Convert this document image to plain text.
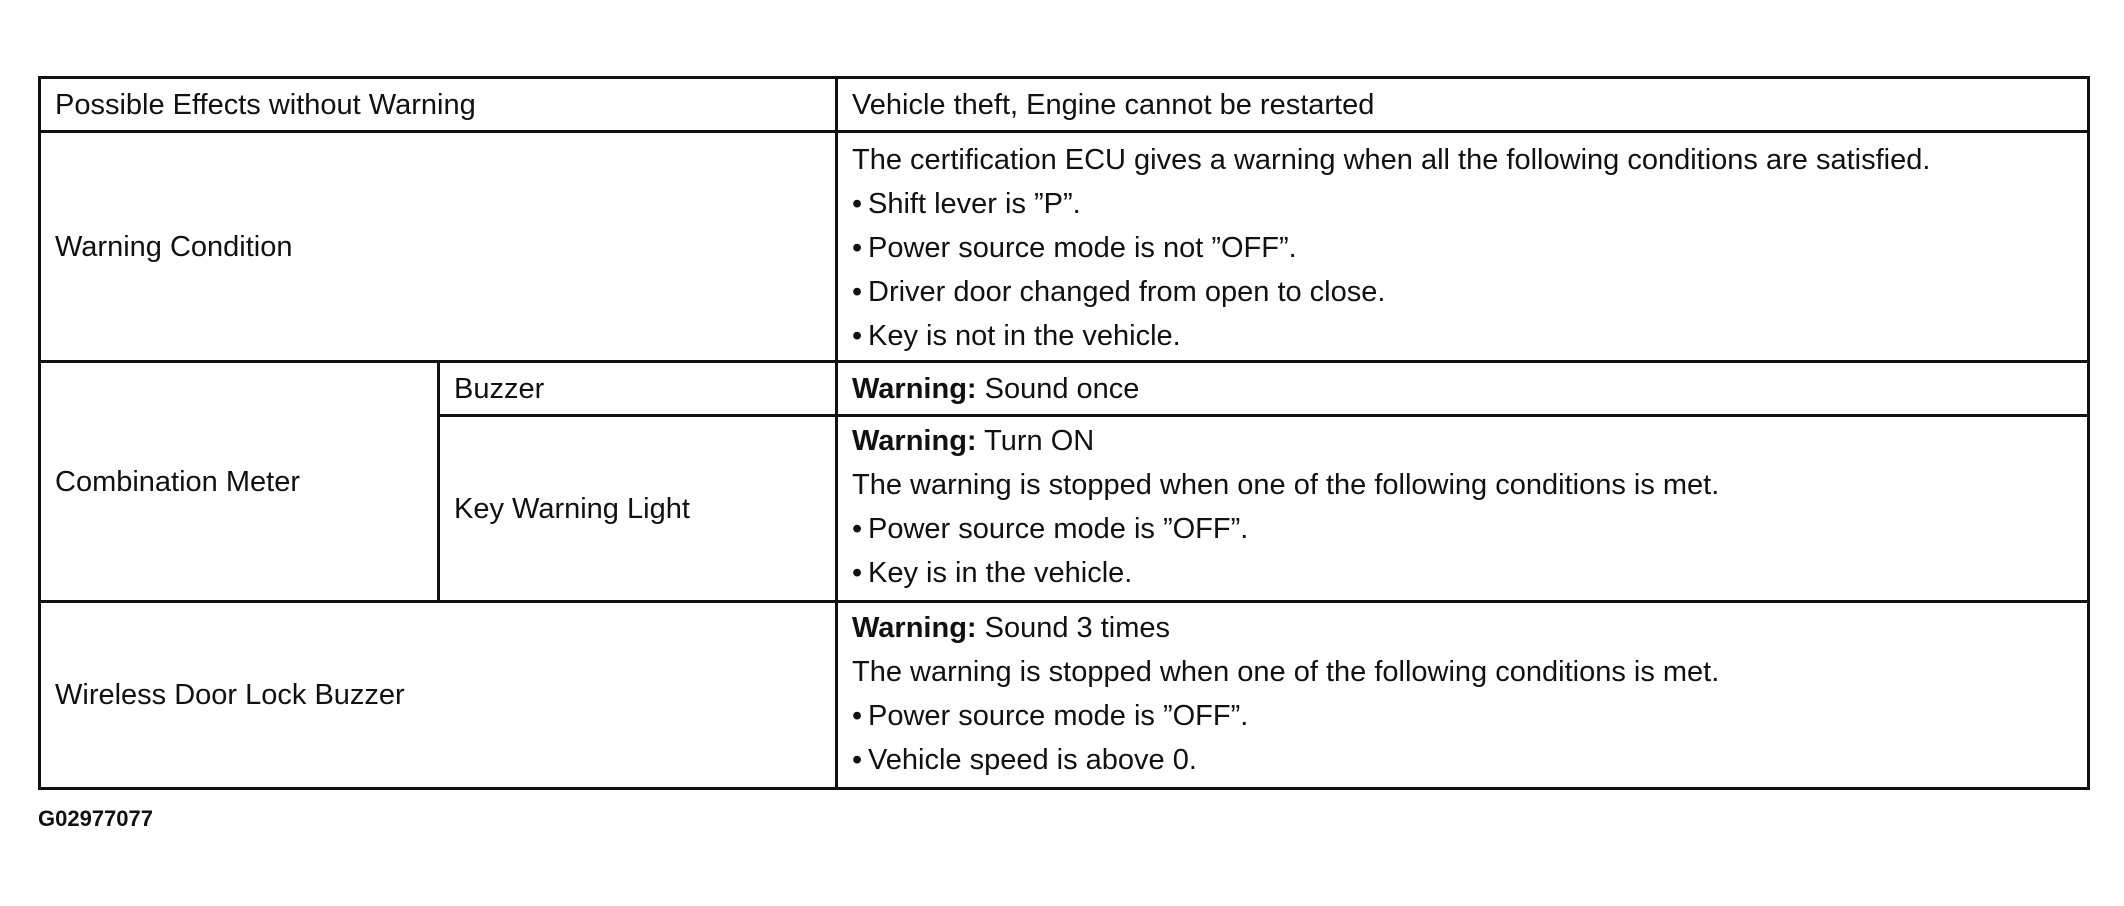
Possible Effects without Warning	Vehicle theft, Engine cannot be restarted
Warning Condition
The certification ECU gives a warning when all the following conditions are satisfied.
• Shift lever is ”P”.
• Power source mode is not ”OFF”.
• Driver door changed from open to close.
• Key is not in the vehicle.
Combination Meter
Buzzer	Warning: Sound once
Key Warning Light
Warning: Turn ON
The warning is stopped when one of the following conditions is met.
• Power source mode is ”OFF”.
• Key is in the vehicle.
Wireless Door Lock Buzzer
Warning: Sound 3 times
The warning is stopped when one of the following conditions is met.
• Power source mode is ”OFF”.
• Vehicle speed is above 0.
G02977077
